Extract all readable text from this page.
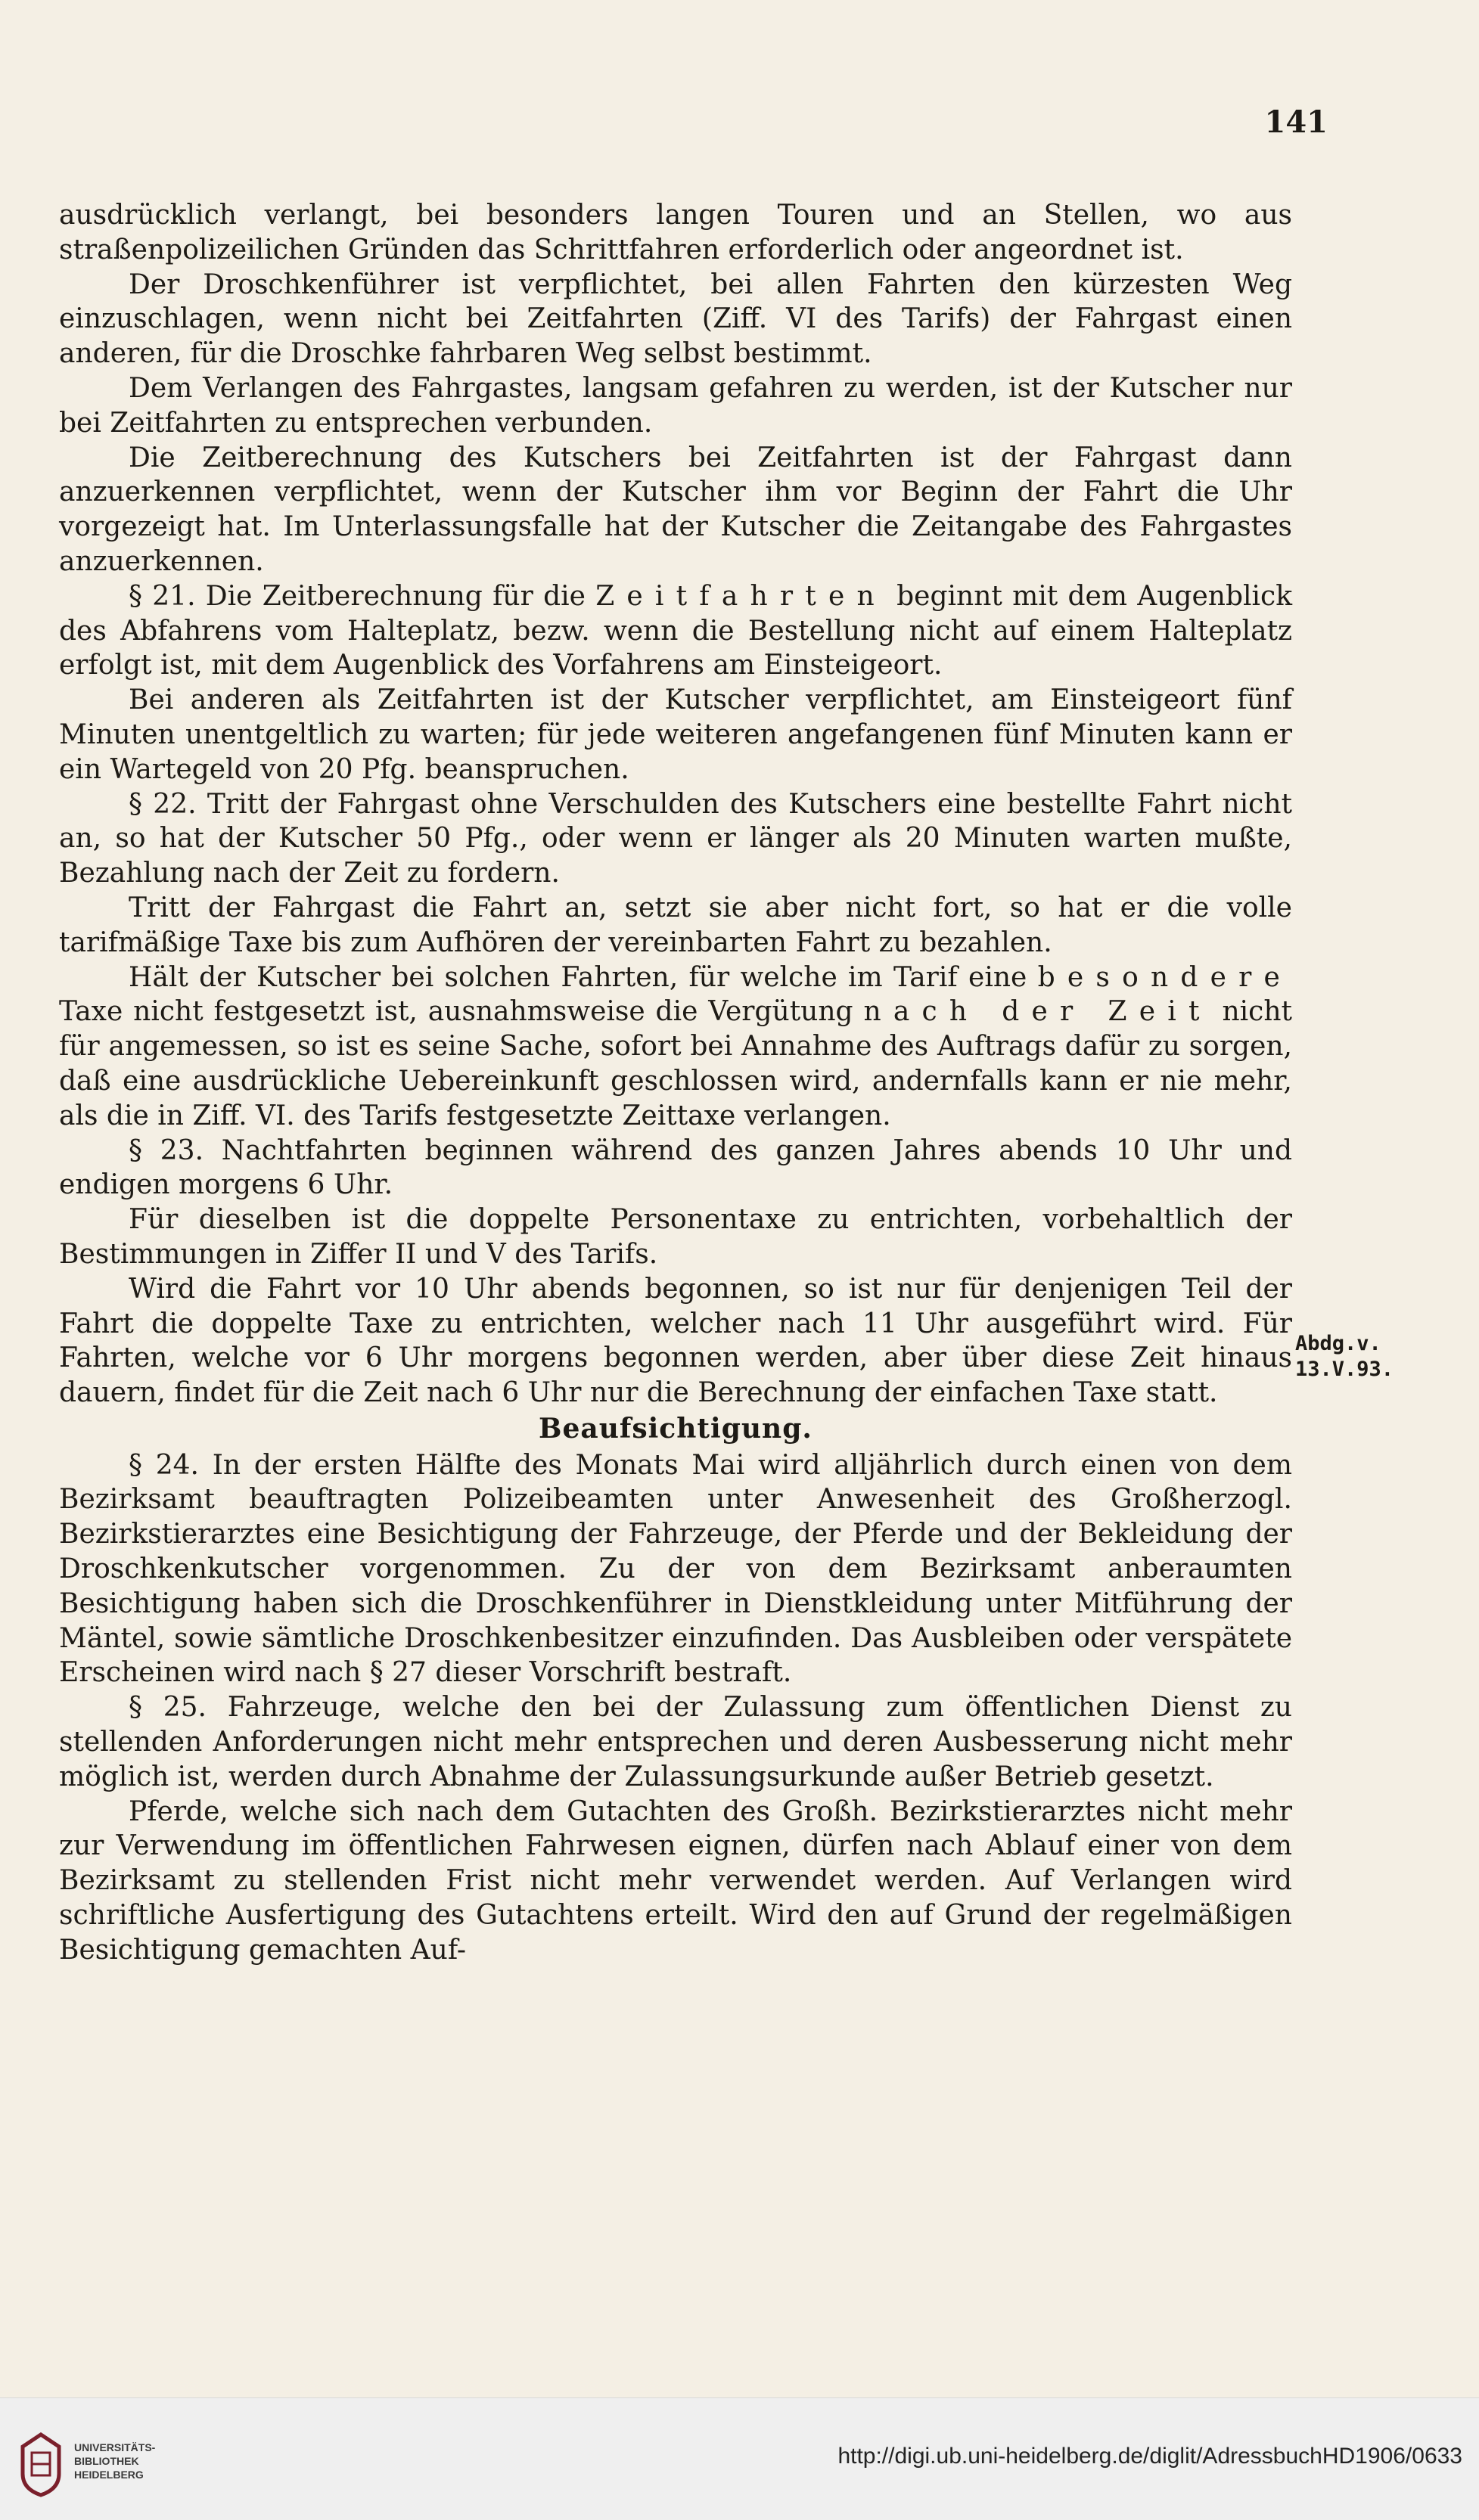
141

ausdrücklich verlangt, bei besonders langen Touren und an Stellen, wo aus straßenpolizeilichen Gründen das Schrittfahren erforderlich oder angeordnet ist.

Der Droschkenführer ist verpflichtet, bei allen Fahrten den kürzesten Weg einzuschlagen, wenn nicht bei Zeitfahrten (Ziff. VI des Tarifs) der Fahrgast einen anderen, für die Droschke fahrbaren Weg selbst bestimmt.

Dem Verlangen des Fahrgastes, langsam gefahren zu werden, ist der Kutscher nur bei Zeitfahrten zu entsprechen verbunden.

Die Zeitberechnung des Kutschers bei Zeitfahrten ist der Fahrgast dann anzuerkennen verpflichtet, wenn der Kutscher ihm vor Beginn der Fahrt die Uhr vorgezeigt hat. Im Unterlassungsfalle hat der Kutscher die Zeitangabe des Fahrgastes anzuerkennen.

§ 21. Die Zeitberechnung für die Zeitfahrten beginnt mit dem Augenblick des Abfahrens vom Halteplatz, bezw. wenn die Bestellung nicht auf einem Halteplatz erfolgt ist, mit dem Augenblick des Vorfahrens am Einsteigeort.

Bei anderen als Zeitfahrten ist der Kutscher verpflichtet, am Einsteigeort fünf Minuten unentgeltlich zu warten; für jede weiteren angefangenen fünf Minuten kann er ein Wartegeld von 20 Pfg. beanspruchen.

§ 22. Tritt der Fahrgast ohne Verschulden des Kutschers eine bestellte Fahrt nicht an, so hat der Kutscher 50 Pfg., oder wenn er länger als 20 Minuten warten mußte, Bezahlung nach der Zeit zu fordern.

Tritt der Fahrgast die Fahrt an, setzt sie aber nicht fort, so hat er die volle tarifmäßige Taxe bis zum Aufhören der vereinbarten Fahrt zu bezahlen.

Hält der Kutscher bei solchen Fahrten, für welche im Tarif eine besondere Taxe nicht festgesetzt ist, ausnahmsweise die Vergütung nach der Zeit nicht für angemessen, so ist es seine Sache, sofort bei Annahme des Auftrags dafür zu sorgen, daß eine ausdrückliche Uebereinkunft geschlossen wird, andernfalls kann er nie mehr, als die in Ziff. VI. des Tarifs festgesetzte Zeittaxe verlangen.

§ 23. Nachtfahrten beginnen während des ganzen Jahres abends 10 Uhr und endigen morgens 6 Uhr.

Für dieselben ist die doppelte Personentaxe zu entrichten, vorbehaltlich der Bestimmungen in Ziffer II und V des Tarifs.

Wird die Fahrt vor 10 Uhr abends begonnen, so ist nur für denjenigen Teil der Fahrt die doppelte Taxe zu entrichten, welcher nach 11 Uhr ausgeführt wird. Für Fahrten, welche vor 6 Uhr morgens begonnen werden, aber über diese Zeit hinaus dauern, findet für die Zeit nach 6 Uhr nur die Berechnung der einfachen Taxe statt.

Beaufsichtigung.

§ 24. In der ersten Hälfte des Monats Mai wird alljährlich durch einen von dem Bezirksamt beauftragten Polizeibeamten unter Anwesenheit des Großherzogl. Bezirkstierarztes eine Besichtigung der Fahrzeuge, der Pferde und der Bekleidung der Droschkenkutscher vorgenommen. Zu der von dem Bezirksamt anberaumten Besichtigung haben sich die Droschkenführer in Dienstkleidung unter Mitführung der Mäntel, sowie sämtliche Droschkenbesitzer einzufinden. Das Ausbleiben oder verspätete Erscheinen wird nach § 27 dieser Vorschrift bestraft.

§ 25. Fahrzeuge, welche den bei der Zulassung zum öffentlichen Dienst zu stellenden Anforderungen nicht mehr entsprechen und deren Ausbesserung nicht mehr möglich ist, werden durch Abnahme der Zulassungsurkunde außer Betrieb gesetzt.

Pferde, welche sich nach dem Gutachten des Großh. Bezirkstierarztes nicht mehr zur Verwendung im öffentlichen Fahrwesen eignen, dürfen nach Ablauf einer von dem Bezirksamt zu stellenden Frist nicht mehr verwendet werden. Auf Verlangen wird schriftliche Ausfertigung des Gutachtens erteilt. Wird den auf Grund der regelmäßigen Besichtigung gemachten Auf-

Abdg.v.
13.V.93.
UNIVERSITÄTS-
BIBLIOTHEK
HEIDELBERG
http://digi.ub.uni-heidelberg.de/diglit/AdressbuchHD1906/0633
